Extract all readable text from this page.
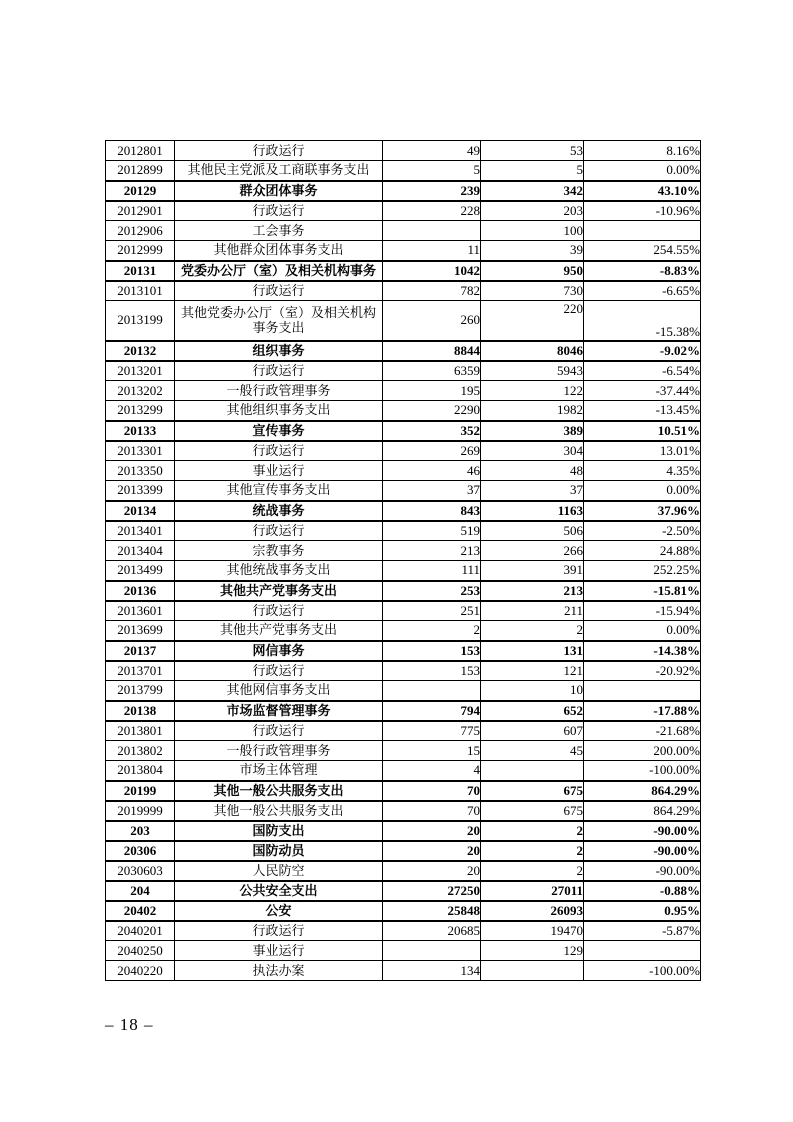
2012801	行政运行	49	53	8.16%
2012899	其他民主党派及工商联事务支出	5	5	0.00%
20129	群众团体事务	239	342	43.10%
2012901	行政运行	228	203	-10.96%
2012906	工会事务		100	
2012999	其他群众团体事务支出	11	39	254.55%
20131	党委办公厅（室）及相关机构事务	1042	950	-8.83%
2013101	行政运行	782	730	-6.65%
2013199	其他党委办公厅（室）及相关机构事务支出	260	220	-15.38%
20132	组织事务	8844	8046	-9.02%
2013201	行政运行	6359	5943	-6.54%
2013202	一般行政管理事务	195	122	-37.44%
2013299	其他组织事务支出	2290	1982	-13.45%
20133	宣传事务	352	389	10.51%
2013301	行政运行	269	304	13.01%
2013350	事业运行	46	48	4.35%
2013399	其他宣传事务支出	37	37	0.00%
20134	统战事务	843	1163	37.96%
2013401	行政运行	519	506	-2.50%
2013404	宗教事务	213	266	24.88%
2013499	其他统战事务支出	111	391	252.25%
20136	其他共产党事务支出	253	213	-15.81%
2013601	行政运行	251	211	-15.94%
2013699	其他共产党事务支出	2	2	0.00%
20137	网信事务	153	131	-14.38%
2013701	行政运行	153	121	-20.92%
2013799	其他网信事务支出		10	
20138	市场监督管理事务	794	652	-17.88%
2013801	行政运行	775	607	-21.68%
2013802	一般行政管理事务	15	45	200.00%
2013804	市场主体管理	4		-100.00%
20199	其他一般公共服务支出	70	675	864.29%
2019999	其他一般公共服务支出	70	675	864.29%
203	国防支出	20	2	-90.00%
20306	国防动员	20	2	-90.00%
2030603	人民防空	20	2	-90.00%
204	公共安全支出	27250	27011	-0.88%
20402	公安	25848	26093	0.95%
2040201	行政运行	20685	19470	-5.87%
2040250	事业运行		129	
2040220	执法办案	134		-100.00%
– 18 –
